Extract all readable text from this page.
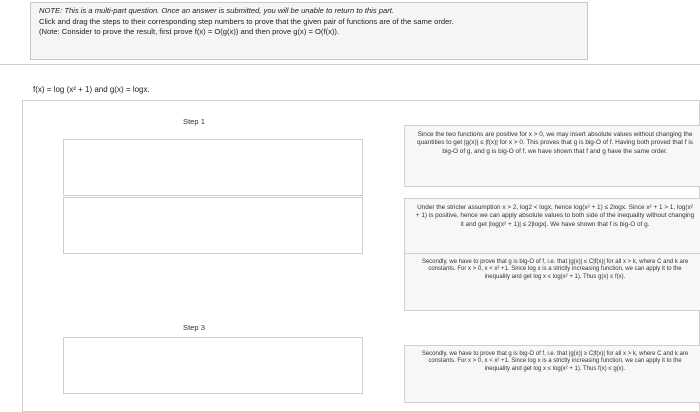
NOTE: This is a multi-part question. Once an answer is submitted, you will be unable to return to this part.

Click and drag the steps to their corresponding step numbers to prove that the given pair of functions are of the same order.

(Note: Consider to prove the result, first prove f(x) = O(g(x)) and then prove g(x) = O(f(x)).

f(x) = log (x² + 1) and g(x) = logx.
Step 1
Step 3
Since the two functions are positive for x > 0, we may insert absolute values without changing the quantities to get |g(x)| ≤ |f(x)| for x > 0. This proves that g is big-O of f. Having both proved that f is big-O of g, and g is big-O of f, we have shown that f and g have the same order.
Under the stricter assumption x > 2, log2 < logx, hence log(x² + 1) ≤ 2logx. Since x² + 1 > 1, log(x² + 1) is positive, hence we can apply absolute values to both side of the inequality without changing it and get |log(x² + 1)| ≤ 2|logx|. We have shown that f is big-O of g.
Secondly, we have to prove that g is big-O of f, i.e. that |g(x)| ≤ C|f(x)| for all x > k, where C and k are constants. For x > 0, x < x² +1. Since log x is a strictly increasing function, we can apply it to the inequality and get log x ≤ log(x² + 1). Thus g(x) ≤ f(x).
Secondly, we have to prove that g is big-O of f, i.e. that |g(x)| ≥ C|f(x)| for all x > k, where C and k are constants. For x > 0, x < x² +1. Since log x is a strictly increasing function, we can apply it to the inequality and get log x ≤ log(x² + 1). Thus f(x) ≤ g(x).
